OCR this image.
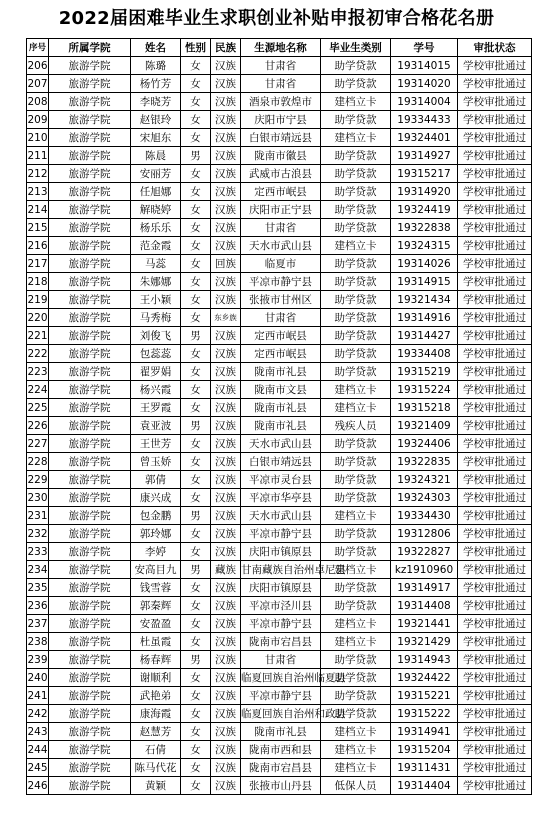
2022届困难毕业生求职创业补贴申报初审合格花名册
序号	所属学院	姓名	性别	民族	生源地名称	毕业生类别	学号	审批状态
206	旅游学院	陈璐	女	汉族	甘肃省	助学贷款	19314015	学校审批通过
207	旅游学院	杨竹芳	女	汉族	甘肃省	助学贷款	19314020	学校审批通过
208	旅游学院	李晓芳	女	汉族	酒泉市敦煌市	建档立卡	19314004	学校审批通过
209	旅游学院	赵银玲	女	汉族	庆阳市宁县	助学贷款	19334433	学校审批通过
210	旅游学院	宋旭东	女	汉族	白银市靖远县	建档立卡	19324401	学校审批通过
211	旅游学院	陈晨	男	汉族	陇南市徽县	助学贷款	19314927	学校审批通过
212	旅游学院	安丽芳	女	汉族	武威市古浪县	助学贷款	19315217	学校审批通过
213	旅游学院	任旭娜	女	汉族	定西市岷县	助学贷款	19314920	学校审批通过
214	旅游学院	解晓婷	女	汉族	庆阳市正宁县	助学贷款	19324419	学校审批通过
215	旅游学院	杨乐乐	女	汉族	甘肃省	助学贷款	19322838	学校审批通过
216	旅游学院	范金霞	女	汉族	天水市武山县	建档立卡	19324315	学校审批通过
217	旅游学院	马蕊	女	回族	临夏市	助学贷款	19314026	学校审批通过
218	旅游学院	朱娜娜	女	汉族	平凉市静宁县	助学贷款	19314915	学校审批通过
219	旅游学院	王小颖	女	汉族	张掖市甘州区	助学贷款	19321434	学校审批通过
220	旅游学院	马秀梅	女	东乡族	甘肃省	助学贷款	19314916	学校审批通过
221	旅游学院	刘俊飞	男	汉族	定西市岷县	助学贷款	19314427	学校审批通过
222	旅游学院	包蕊蕊	女	汉族	定西市岷县	助学贷款	19334408	学校审批通过
223	旅游学院	翟罗娟	女	汉族	陇南市礼县	助学贷款	19315219	学校审批通过
224	旅游学院	杨兴霞	女	汉族	陇南市文县	建档立卡	19315224	学校审批通过
225	旅游学院	王罗霞	女	汉族	陇南市礼县	建档立卡	19315218	学校审批通过
226	旅游学院	袁亚波	男	汉族	陇南市礼县	残疾人员	19321409	学校审批通过
227	旅游学院	王世芳	女	汉族	天水市武山县	助学贷款	19324406	学校审批通过
228	旅游学院	曾玉娇	女	汉族	白银市靖远县	助学贷款	19322835	学校审批通过
229	旅游学院	郭倩	女	汉族	平凉市灵台县	助学贷款	19324321	学校审批通过
230	旅游学院	康兴成	女	汉族	平凉市华亭县	助学贷款	19324303	学校审批通过
231	旅游学院	包金鹏	男	汉族	天水市武山县	建档立卡	19334430	学校审批通过
232	旅游学院	郭玲娜	女	汉族	平凉市静宁县	助学贷款	19312806	学校审批通过
233	旅游学院	李婷	女	汉族	庆阳市镇原县	助学贷款	19322827	学校审批通过
234	旅游学院	安高目九	男	藏族	甘南藏族自治州卓尼县	建档立卡	kz1910960	学校审批通过
235	旅游学院	钱雪蓉	女	汉族	庆阳市镇原县	助学贷款	19314917	学校审批通过
236	旅游学院	郭秦辉	女	汉族	平凉市泾川县	助学贷款	19314408	学校审批通过
237	旅游学院	安盈盈	女	汉族	平凉市静宁县	建档立卡	19321441	学校审批通过
238	旅游学院	杜虽霞	女	汉族	陇南市宕昌县	建档立卡	19321429	学校审批通过
239	旅游学院	杨春辉	男	汉族	甘肃省	助学贷款	19314943	学校审批通过
240	旅游学院	谢顺利	女	汉族	临夏回族自治州临夏县	助学贷款	19324422	学校审批通过
241	旅游学院	武艳弟	女	汉族	平凉市静宁县	助学贷款	19315221	学校审批通过
242	旅游学院	康海霞	女	汉族	临夏回族自治州和政县	助学贷款	19315222	学校审批通过
243	旅游学院	赵慧芳	女	汉族	陇南市礼县	建档立卡	19314941	学校审批通过
244	旅游学院	石倩	女	汉族	陇南市西和县	建档立卡	19315204	学校审批通过
245	旅游学院	陈马代花	女	汉族	陇南市宕昌县	建档立卡	19311431	学校审批通过
246	旅游学院	黄颖	女	汉族	张掖市山丹县	低保人员	19314404	学校审批通过
